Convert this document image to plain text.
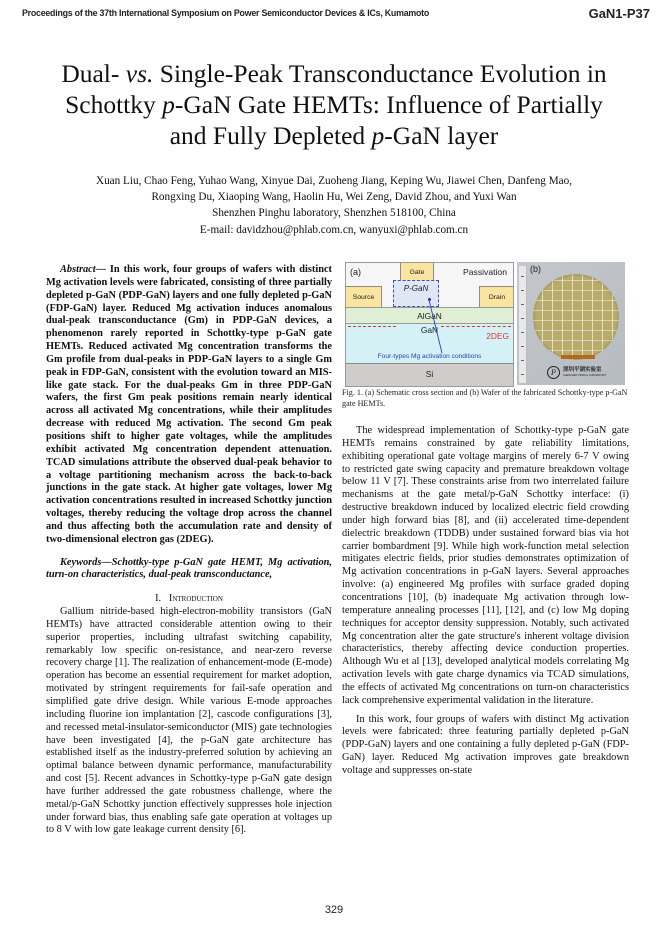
Proceedings of the 37th International Symposium on Power Semiconductor Devices & ICs, Kumamoto	GaN1-P37
Dual- vs. Single-Peak Transconductance Evolution in
Schottky p-GaN Gate HEMTs: Influence of Partially
and Fully Depleted p-GaN layer
Xuan Liu, Chao Feng, Yuhao Wang, Xinyue Dai, Zuoheng Jiang, Keping Wu, Jiawei Chen, Danfeng Mao,
Rongxing Du, Xiaoping Wang, Haolin Hu, Wei Zeng, David Zhou, and Yuxi Wan
Shenzhen Pinghu laboratory, Shenzhen 518100, China
E-mail: davidzhou@phlab.com.cn, wanyuxi@phlab.com.cn

Abstract— In this work, four groups of wafers with distinct Mg activation levels were fabricated, consisting of three partially depleted p-GaN (PDP-GaN) layers and one fully depleted p-GaN (FDP-GaN) layer. Reduced Mg activation induces anomalous dual-peak transconductance (Gm) in PDP-GaN devices, a phenomenon rarely reported in Schottky-type p-GaN gate HEMTs. Reduced activated Mg concentration transforms the Gm profile from dual-peaks in PDP-GaN layers to a single Gm peak in FDP-GaN, consistent with the evolution toward an MIS-like gate stack. For the dual-peaks Gm in three PDP-GaN wafers, the first Gm peak positions remain nearly identical across all activated Mg concentrations, while their amplitudes decrease with reduced Mg activation. The second Gm peak positions shift to higher gate voltages, while the amplitudes exhibit activated Mg concentration dependent attenuation. TCAD simulations attribute the observed dual-peak behavior to a voltage partitioning mechanism across the back-to-back junctions in the gate stack. At higher gate voltages, lower Mg activation concentrations resulted in increased Schottky junction voltages, thereby reducing the voltage drop across the channel and thus affecting both the accumulation rate and density of two-dimensional electron gas (2DEG).

Keywords—Schottky-type p-GaN gate HEMT, Mg activation, turn-on characteristics, dual-peak transconductance,

I. Introduction

Gallium nitride-based high-electron-mobility transistors (GaN HEMTs) have attracted considerable attention owing to their superior properties, including ultrafast switching capability, remarkably low specific on-resistance, and near-zero reverse recovery charge [1]. The realization of enhancement-mode (E-mode) operation has become an essential requirement for market adoption, motivated by stringent requirements for fail-safe operation and simplified gate drive design. While various E-mode approaches including fluorine ion implantation [2], cascode configurations [3], and recessed metal-insulator-semiconductor (MIS) gate technologies have been investigated [4], the p-GaN gate architecture has established itself as the industry-preferred solution by achieving an optimal balance between dynamic performance, manufacturability and cost [5]. Recent advances in Schottky-type p-GaN gate design have further addressed the gate robustness challenge, where the metal/p-GaN Schottky junction effectively suppresses hole injection under forward bias, thus enabling safe gate operation at voltages up to 8 V with low gate leakage current density [6].

(a)	Passivation
Gate
P-GaN
Source	Drain
AlGaN
GaN
2DEG
Four-types Mg activation conditions
Si
(b)
P	深圳平湖实验室
SHENZHEN PINGHU LABORATORY
Fig. 1. (a) Schematic cross section and (b) Wafer of the fabricated Schottky-type p-GaN gate HEMTs.

The widespread implementation of Schottky-type p-GaN gate HEMTs remains constrained by gate reliability limitations, exhibiting operational gate voltage margins of merely 6-7 V owing to restricted gate swing capacity and premature breakdown voltage below 11 V [7]. These constraints arise from two interrelated failure mechanisms at the gate metal/p-GaN Schottky interface: (i) destructive breakdown induced by localized electric field crowding under high forward bias [8], and (ii) accelerated time-dependent dielectric breakdown (TDDB) under sustained forward bias via hot carrier bombardment [9]. While high work-function metal selection mitigates electric fields, prior studies demonstrates optimization of Mg activation concentrations in p-GaN layers. Several approaches involve: (a) engineered Mg profiles with surface graded doping concentrations [10], (b) inadequate Mg activation through low-temperature annealing processes [11], [12], and (c) low Mg doping techniques for acceptor density suppression. Notably, such activated Mg concentration alter the gate structure's inherent voltage division characteristics, thereby affecting device conduction properties. Although Wu et al [13], developed analytical models correlating Mg activation levels with gate charge dynamics via TCAD simulations, the effects of activated Mg concentrations on turn-on characteristics lack comprehensive experimental validation in the literature.

In this work, four groups of wafers with distinct Mg activation levels were fabricated: three featuring partially depleted p-GaN (PDP-GaN) layers and one containing a fully depleted p-GaN (FDP-GaN) layer. Reduced Mg activation improves gate breakdown voltage and suppresses on-state

329
